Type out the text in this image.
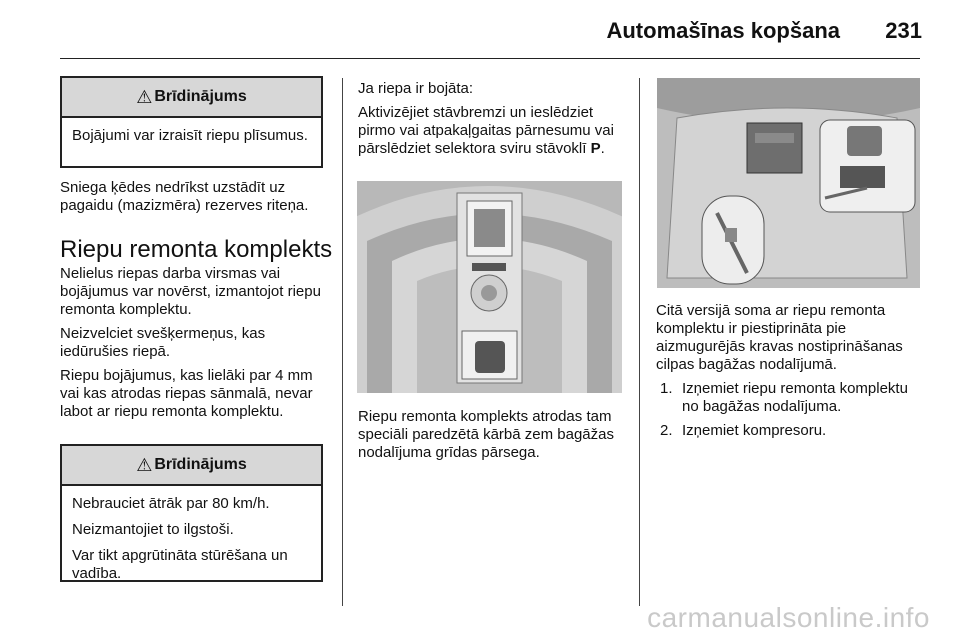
Automašīnas kopšana 231
⚠ Brīdinājums

Bojājumi var izraisīt riepu plīsumus.

Sniega ķēdes nedrīkst uzstādīt uz pagaidu (mazizmēra) rezerves riteņa.
Riepu remonta komplekts

Nelielus riepas darba virsmas vai bojājumus var novērst, izmantojot riepu remonta komplektu.

Neizvelciet svešķermeņus, kas iedūrušies riepā.

Riepu bojājumus, kas lielāki par 4 mm vai kas atrodas riepas sānmalā, nevar labot ar riepu remonta komplektu.

⚠ Brīdinājums

Nebrauciet ātrāk par 80 km/h.

Neizmantojiet to ilgstoši.

Var tikt apgrūtināta stūrēšana un vadība.

Ja riepa ir bojāta:

Aktivizējiet stāvbremzi un ieslēdziet pirmo vai atpakaļgaitas pārnesumu vai pārslēdziet selektora sviru stāvoklī P.

Riepu remonta komplekts atrodas tam speciāli paredzētā kārbā zem bagāžas nodalījuma grīdas pārsega.

Citā versijā soma ar riepu remonta komplektu ir piestiprināta pie aizmugurējās kravas nostiprināšanas cilpas bagāžas nodalījumā.

1. Izņemiet riepu remonta komplektu no bagāžas nodalījuma.
2. Izņemiet kompresoru.
carmanualsonline.info
